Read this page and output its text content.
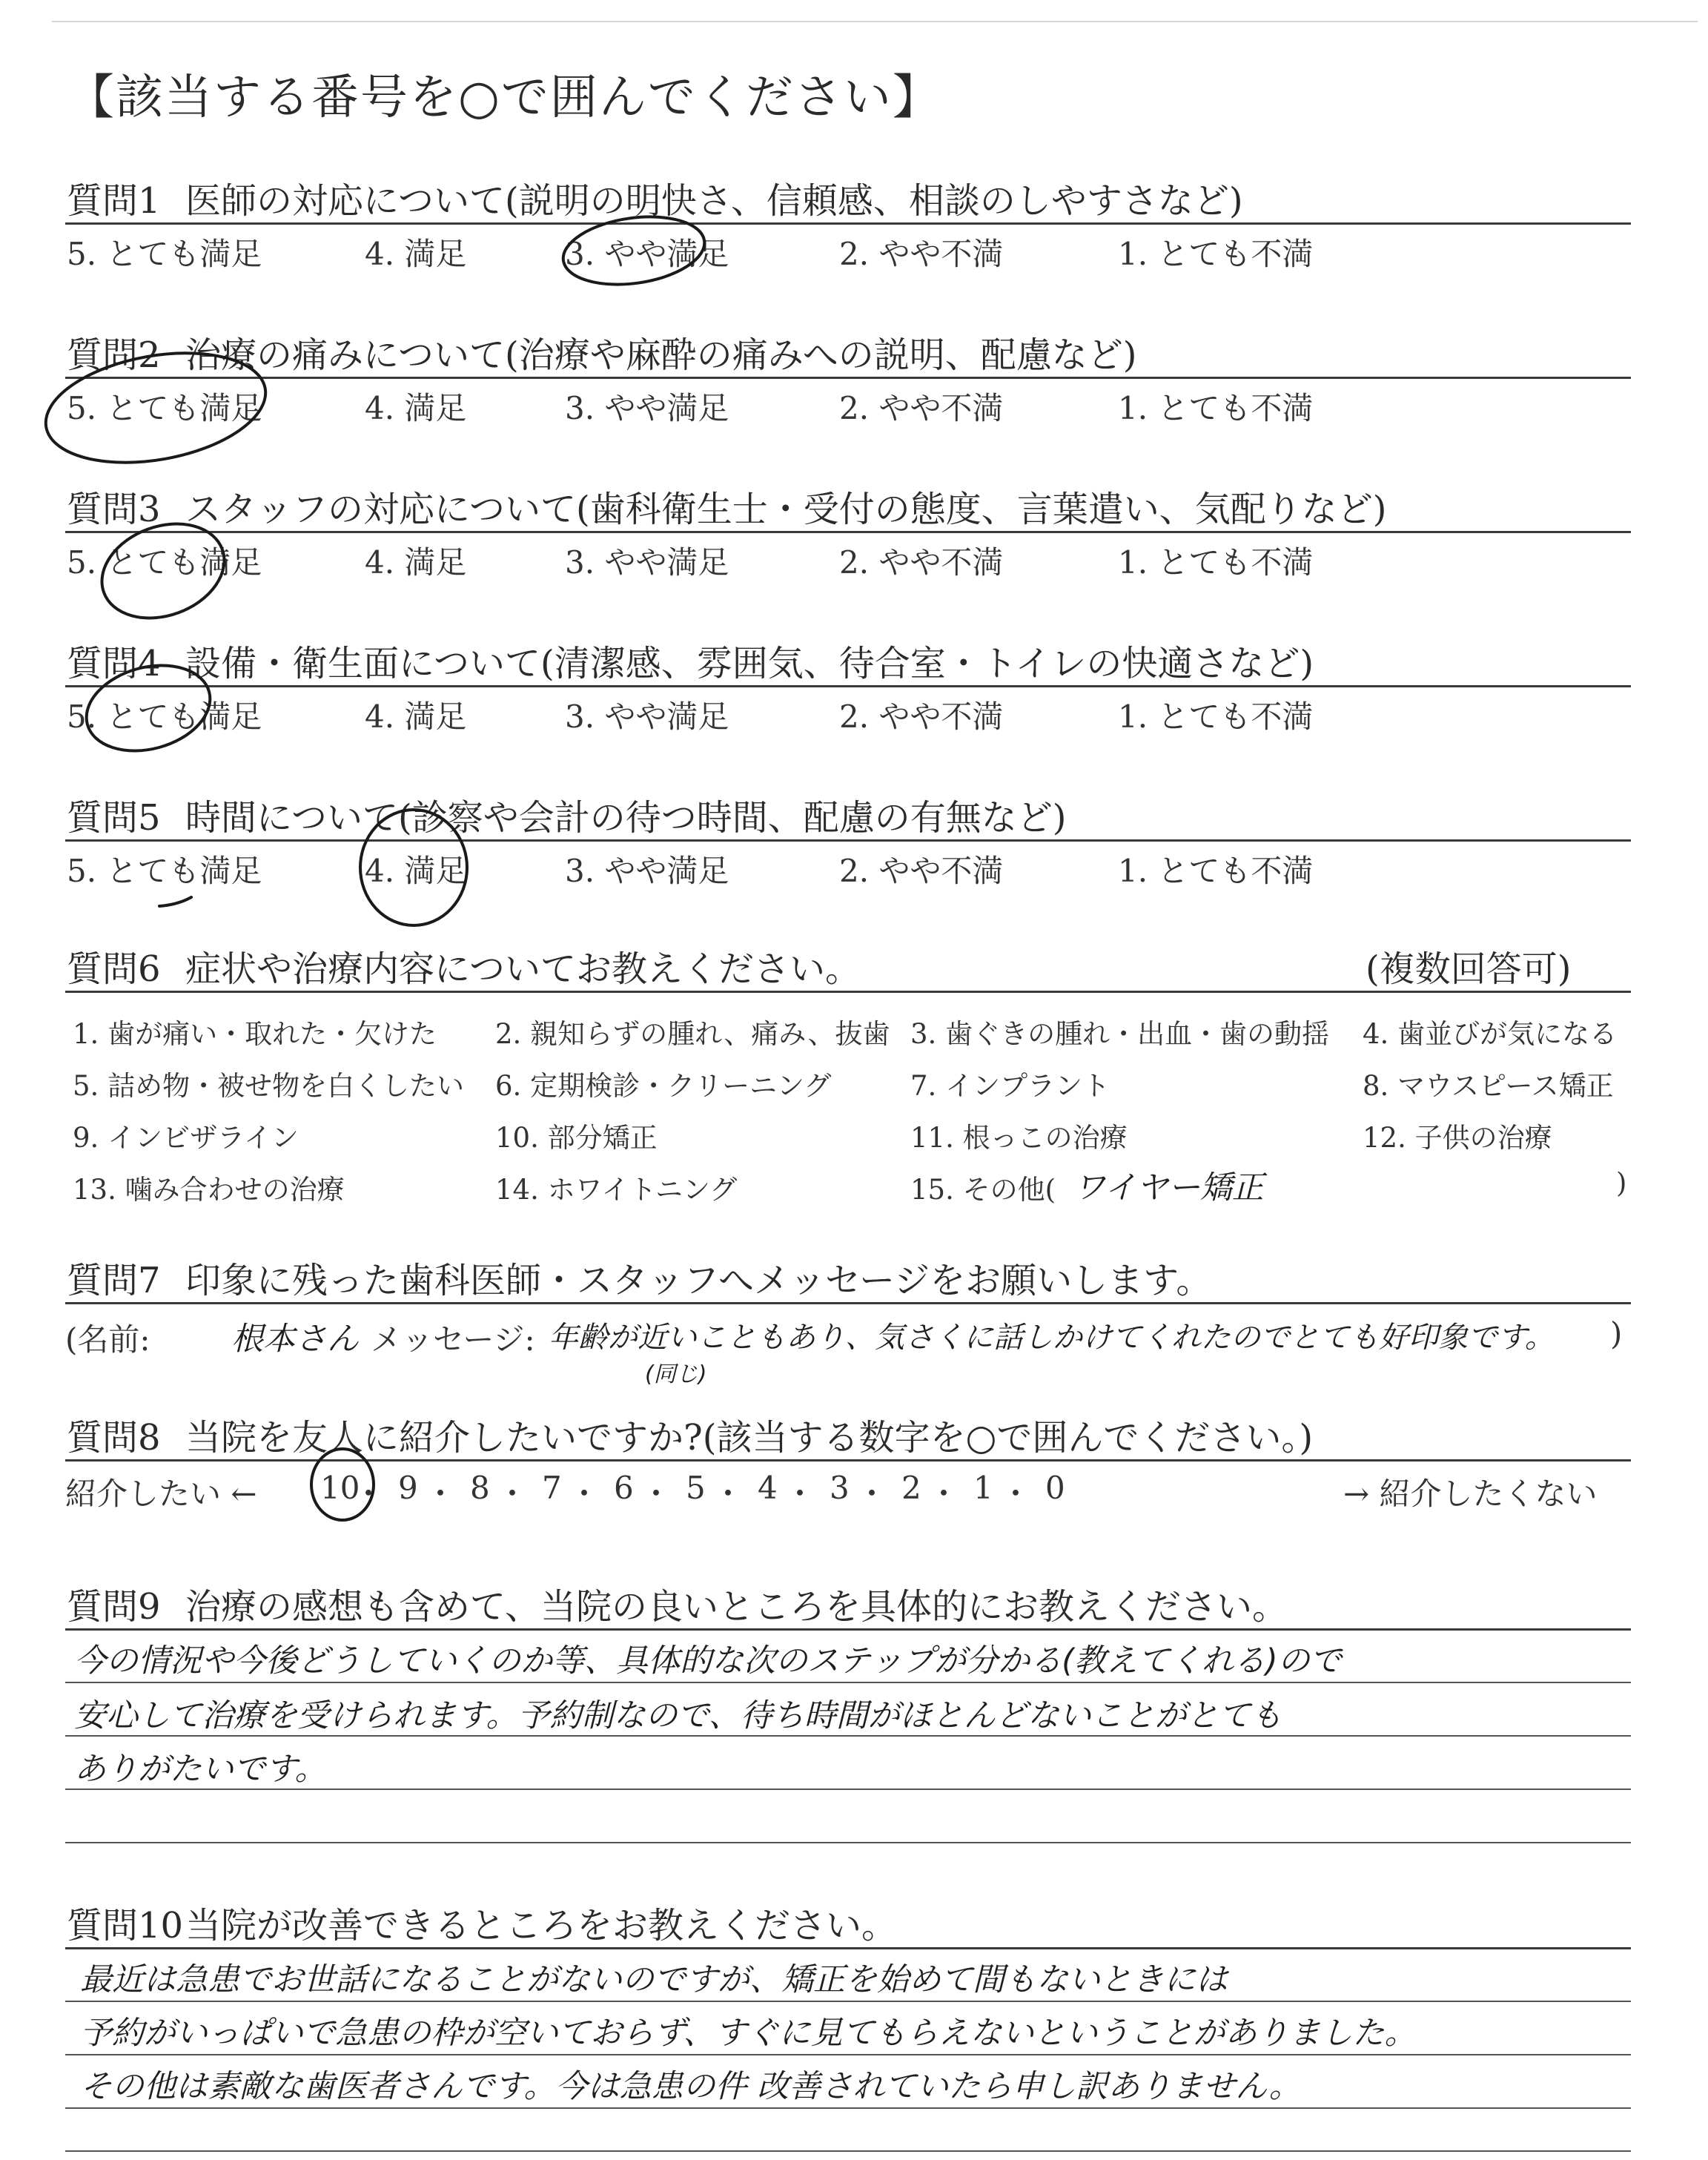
【該当する番号を○で囲んでください】
質問1 医師の対応について(説明の明快さ、信頼感、相談のしやすさなど)
5. とても満足	4. 満足	3. やや満足	2. やや不満	1. とても不満
質問2 治療の痛みについて(治療や麻酔の痛みへの説明、配慮など)
5. とても満足	4. 満足	3. やや満足	2. やや不満	1. とても不満
質問3 スタッフの対応について(歯科衛生士・受付の態度、言葉遣い、気配りなど)
5. とても満足	4. 満足	3. やや満足	2. やや不満	1. とても不満
質問4 設備・衛生面について(清潔感、雰囲気、待合室・トイレの快適さなど)
5. とても満足	4. 満足	3. やや満足	2. やや不満	1. とても不満
質問5 時間について(診察や会計の待つ時間、配慮の有無など)
5. とても満足	4. 満足	3. やや満足	2. やや不満	1. とても不満
質問6 症状や治療内容についてお教えください。	(複数回答可)
1. 歯が痛い・取れた・欠けた 2. 親知らずの腫れ、痛み、抜歯 3. 歯ぐきの腫れ・出血・歯の動揺 4. 歯並びが気になる
5. 詰め物・被せ物を白くしたい 6. 定期検診・クリーニング	7. インプラント	8. マウスピース矯正
9. インビザライン	10. 部分矯正	11. 根っこの治療	12. 子供の治療
13. 噛み合わせの治療	14. ホワイトニング	15. その他(	)
ワイヤー矯正
質問7 印象に残った歯科医師・スタッフへメッセージをお願いします。
(名前:	根本さん メッセージ: 年齢が近いこともあり、気さくに話しかけてくれたのでとても好印象です。
(同じ)
)
質問8 当院を友人に紹介したいですか?(該当する数字を○で囲んでください。)
紹介したい ←	→ 紹介したくない
10
・ 9 ・ 8 ・ 7 ・ 6 ・ 5 ・ 4 ・ 3 ・ 2 ・ 1 ・ 0
質問9 治療の感想も含めて、当院の良いところを具体的にお教えください。
今の情況や今後どうしていくのか等、具体的な次のステップが分かる(教えてくれる)ので
安心して治療を受けられます。予約制なので、待ち時間がほとんどないことがとても
ありがたいです。
質問10当院が改善できるところをお教えください。
最近は急患でお世話になることがないのですが、矯正を始めて間もないときには
予約がいっぱいで急患の枠が空いておらず、すぐに見てもらえないということがありました。
その他は素敵な歯医者さんです。今は急患の件 改善されていたら申し訳ありません。
